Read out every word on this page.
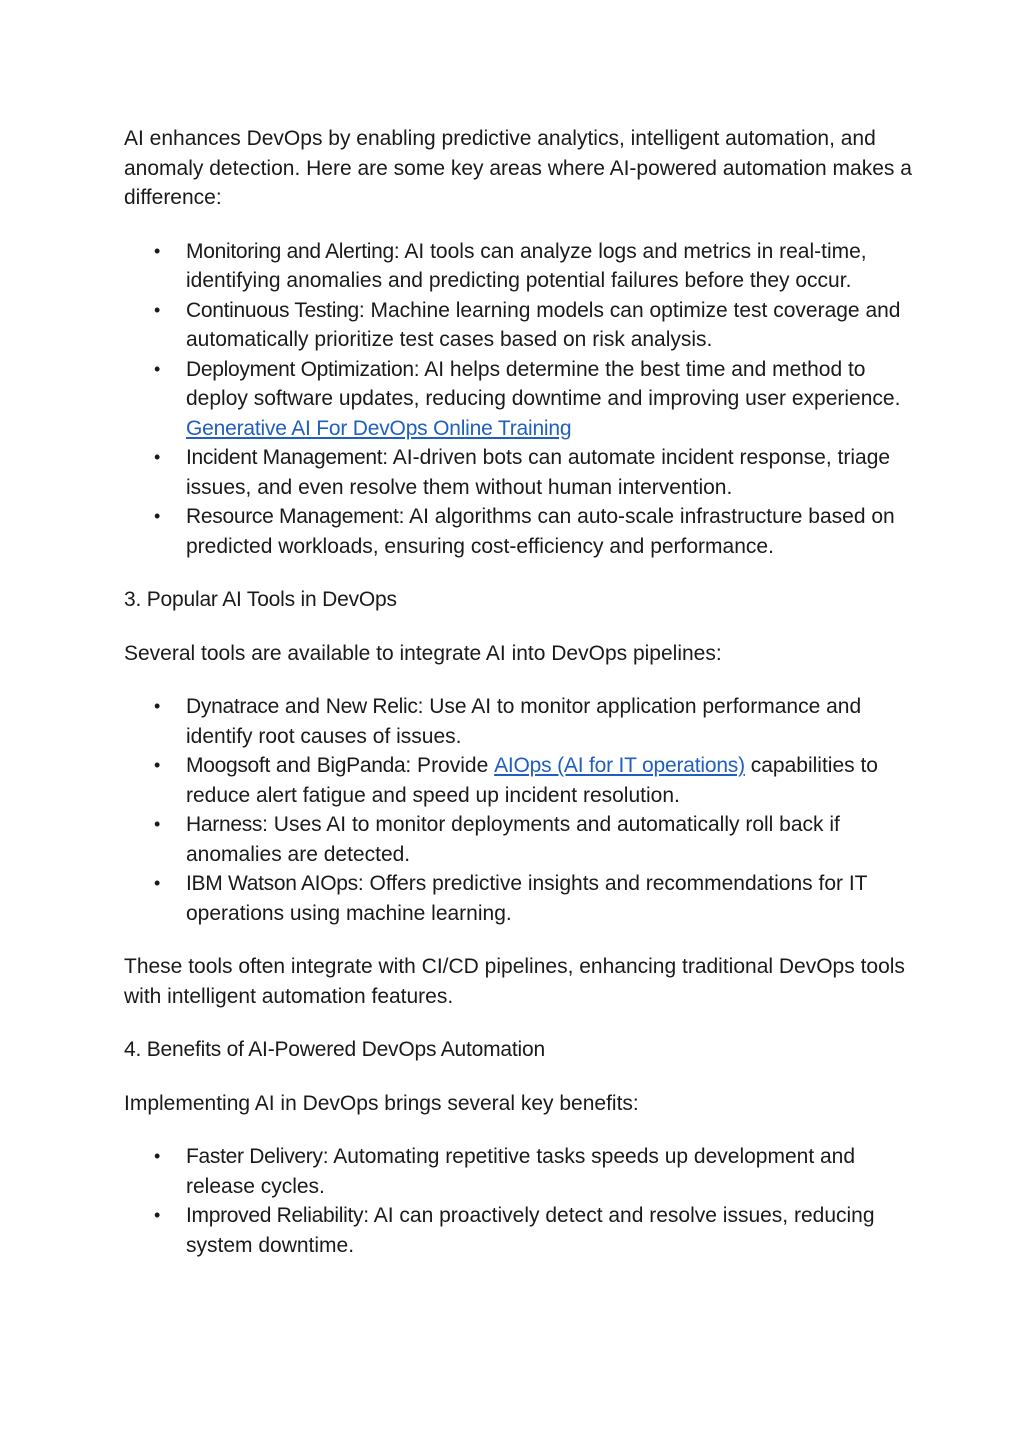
AI enhances DevOps by enabling predictive analytics, intelligent automation, and anomaly detection. Here are some key areas where AI-powered automation makes a difference:

• Monitoring and Alerting: AI tools can analyze logs and metrics in real-time, identifying anomalies and predicting potential failures before they occur.
• Continuous Testing: Machine learning models can optimize test coverage and automatically prioritize test cases based on risk analysis.
• Deployment Optimization: AI helps determine the best time and method to deploy software updates, reducing downtime and improving user experience. Generative AI For DevOps Online Training
• Incident Management: AI-driven bots can automate incident response, triage issues, and even resolve them without human intervention.
• Resource Management: AI algorithms can auto-scale infrastructure based on predicted workloads, ensuring cost-efficiency and performance.
3. Popular AI Tools in DevOps

Several tools are available to integrate AI into DevOps pipelines:

• Dynatrace and New Relic: Use AI to monitor application performance and identify root causes of issues.
• Moogsoft and BigPanda: Provide AIOps (AI for IT operations) capabilities to reduce alert fatigue and speed up incident resolution.
• Harness: Uses AI to monitor deployments and automatically roll back if anomalies are detected.
• IBM Watson AIOps: Offers predictive insights and recommendations for IT operations using machine learning.

These tools often integrate with CI/CD pipelines, enhancing traditional DevOps tools with intelligent automation features.

4. Benefits of AI-Powered DevOps Automation

Implementing AI in DevOps brings several key benefits:

• Faster Delivery: Automating repetitive tasks speeds up development and release cycles.
• Improved Reliability: AI can proactively detect and resolve issues, reducing system downtime.
